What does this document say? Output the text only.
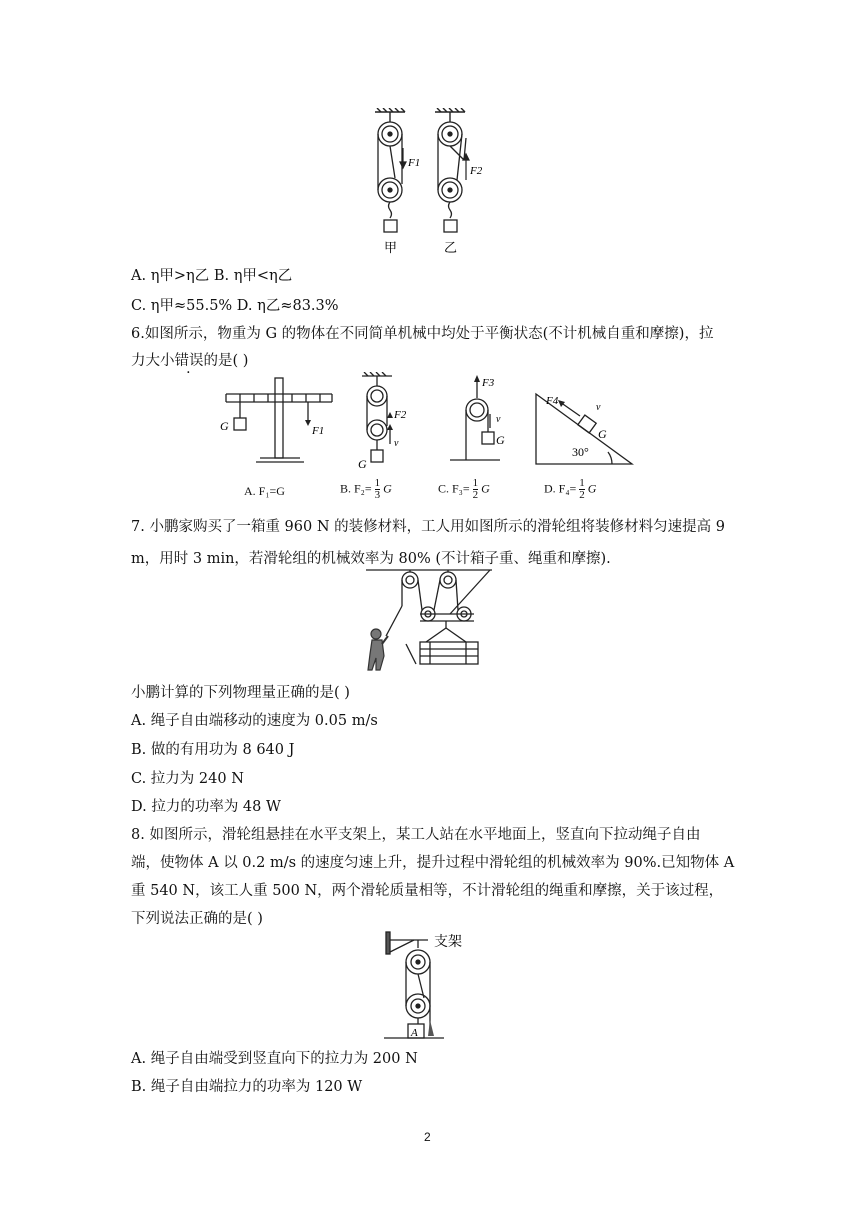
F1
F2
甲	乙
A. η甲>η乙 B. η甲<η乙
C. η甲≈55.5% D. η乙≈83.3%
6.如图所示，物重为 G 的物体在不同简单机械中均处于平衡状态(不计机械自重和摩擦)，拉
力大小错误的是( )
G	F1
F2
v
G
F3
v
G
F4
v
G
30°
A. F₁=G	B. $F_2= \frac{1}{3}$ G	C. $F_3= \frac{1}{2}$ G	D. $F_4= \frac{1}{2}$ G
7. 小鹏家购买了一箱重 960 N 的装修材料，工人用如图所示的滑轮组将装修材料匀速提高 9
m，用时 3 min，若滑轮组的机械效率为 80% (不计箱子重、绳重和摩擦).
小鹏计算的下列物理量正确的是( )
A. 绳子自由端移动的速度为 0.05 m/s
B. 做的有用功为 8 640 J
C. 拉力为 240 N
D. 拉力的功率为 48 W
8. 如图所示，滑轮组悬挂在水平支架上，某工人站在水平地面上，竖直向下拉动绳子自由
端，使物体 A 以 0.2 m/s 的速度匀速上升，提升过程中滑轮组的机械效率为 90%.已知物体 A
重 540 N，该工人重 500 N，两个滑轮质量相等，不计滑轮组的绳重和摩擦，关于该过程，
下列说法正确的是( )
支架
A
A. 绳子自由端受到竖直向下的拉力为 200 N
B. 绳子自由端拉力的功率为 120 W
2
